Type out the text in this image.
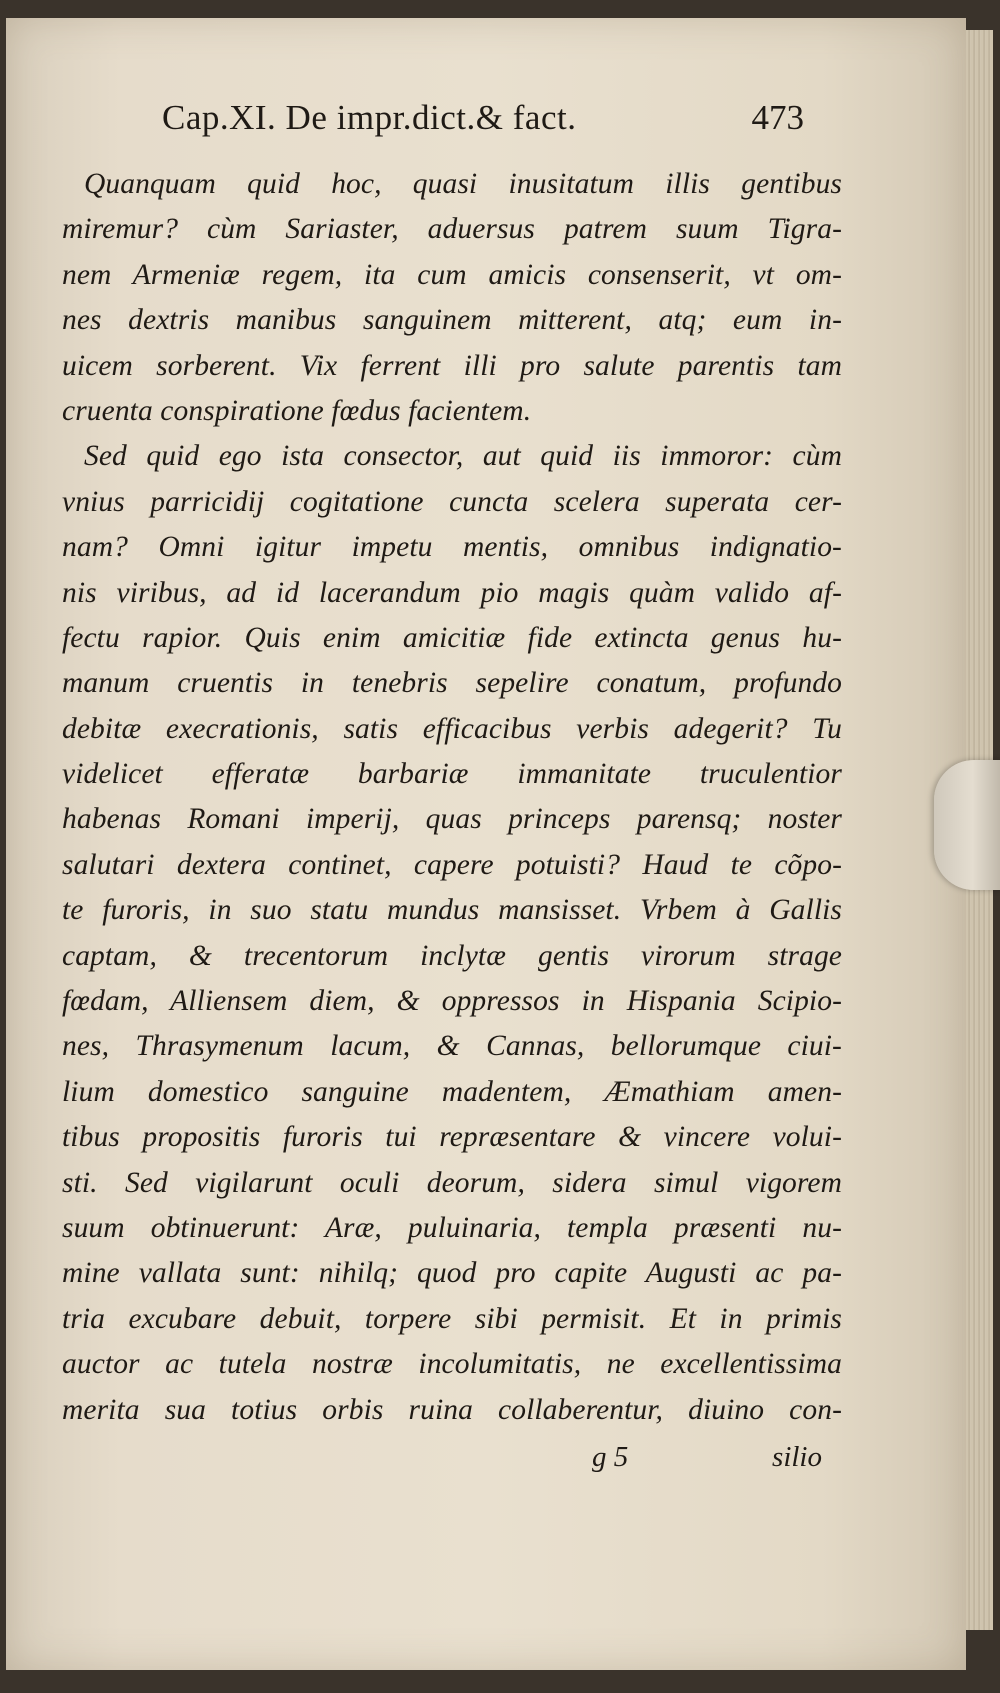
Cap.XI. De impr.dict.& fact.	473
Quanquam quid hoc, quasi inusitatum illis gentibus
miremur? cùm Sariaster, aduersus patrem suum Tigra-
nem Armeniæ regem, ita cum amicis consenserit, vt om-
nes dextris manibus sanguinem mitterent, atq; eum in-
uicem sorberent. Vix ferrent illi pro salute parentis tam
cruenta conspiratione fœdus facientem.
Sed quid ego ista consector, aut quid iis immoror: cùm
vnius parricidij cogitatione cuncta scelera superata cer-
nam? Omni igitur impetu mentis, omnibus indignatio-
nis viribus, ad id lacerandum pio magis quàm valido af-
fectu rapior. Quis enim amicitiæ fide extincta genus hu-
manum cruentis in tenebris sepelire conatum, profundo
debitæ execrationis, satis efficacibus verbis adegerit? Tu
videlicet efferatæ barbariæ immanitate truculentior
habenas Romani imperij, quas princeps parensq; noster
salutari dextera continet, capere potuisti? Haud te cõpo-
te furoris, in suo statu mundus mansisset. Vrbem à Gallis
captam, & trecentorum inclytæ gentis virorum strage
fœdam, Alliensem diem, & oppressos in Hispania Scipio-
nes, Thrasymenum lacum, & Cannas, bellorumque ciui-
lium domestico sanguine madentem, Æmathiam amen-
tibus propositis furoris tui repræsentare & vincere volui-
sti. Sed vigilarunt oculi deorum, sidera simul vigorem
suum obtinuerunt: Aræ, puluinaria, templa præsenti nu-
mine vallata sunt: nihilq; quod pro capite Augusti ac pa-
tria excubare debuit, torpere sibi permisit. Et in primis
auctor ac tutela nostræ incolumitatis, ne excellentissima
merita sua totius orbis ruina collaberentur, diuino con-
g 5	silio
